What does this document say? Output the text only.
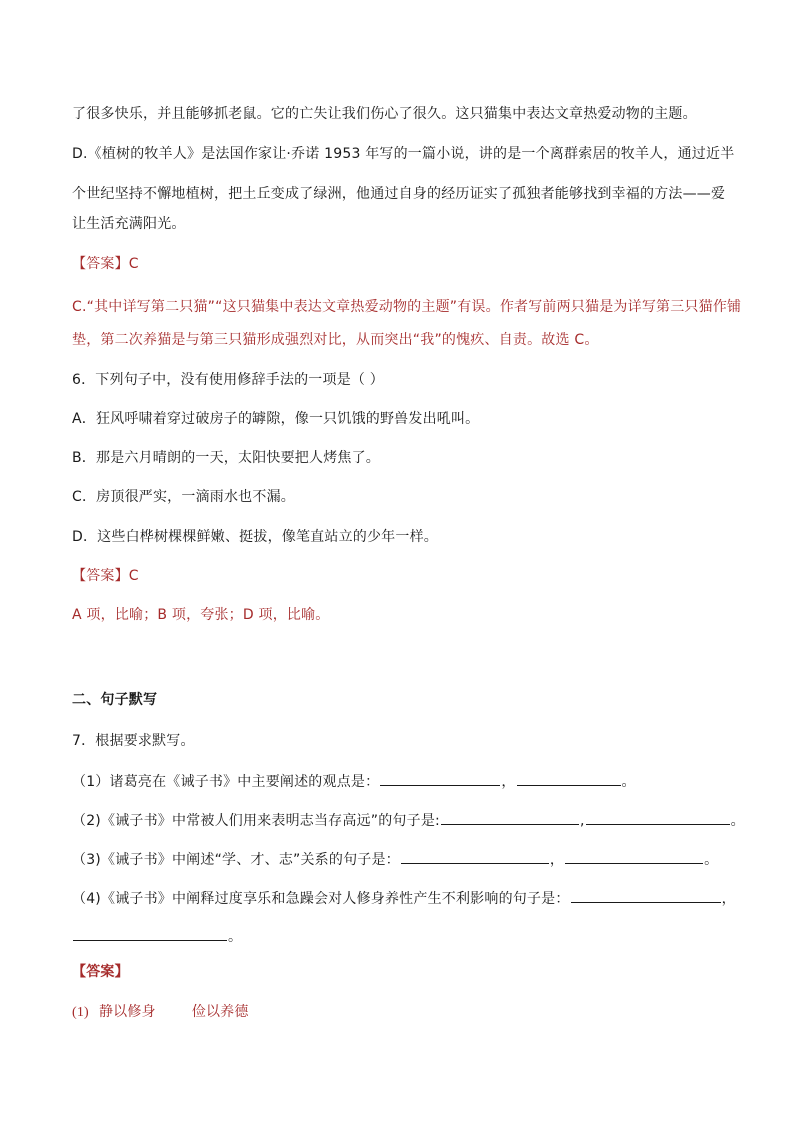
了很多快乐，并且能够抓老鼠。它的亡失让我们伤心了很久。这只猫集中表达文章热爱动物的主题。
D.《植树的牧羊人》是法国作家让·乔诺 1953 年写的一篇小说，讲的是一个离群索居的牧羊人，通过近半
个世纪坚持不懈地植树，把土丘变成了绿洲，他通过自身的经历证实了孤独者能够找到幸福的方法——爱
让生活充满阳光。
【答案】C
C.“其中详写第二只猫”“这只猫集中表达文章热爱动物的主题”有误。作者写前两只猫是为详写第三只猫作铺
垫，第二次养猫是与第三只猫形成强烈对比，从而突出“我”的愧疚、自责。故选 C。
6．下列句子中，没有使用修辞手法的一项是（ ）
A．狂风呼啸着穿过破房子的罅隙，像一只饥饿的野兽发出吼叫。
B．那是六月晴朗的一天，太阳快要把人烤焦了。
C．房顶很严实，一滴雨水也不漏。
D．这些白桦树棵棵鲜嫩、挺拔，像笔直站立的少年一样。
【答案】C
A 项，比喻；B 项，夸张；D 项，比喻。
二、句子默写
7．根据要求默写。
（1）诸葛亮在《诫子书》中主要阐述的观点是：	，	。
（2)《诫子书》中常被人们用来表明志当存高远”的句子是:	,	。
（3)《诫子书》中阐述“学、才、志”关系的句子是：	，	。
（4)《诫子书》中阐释过度享乐和急躁会对人修身养性产生不利影响的句子是：	，
。
【答案】
(1) 静以修身	俭以养德
